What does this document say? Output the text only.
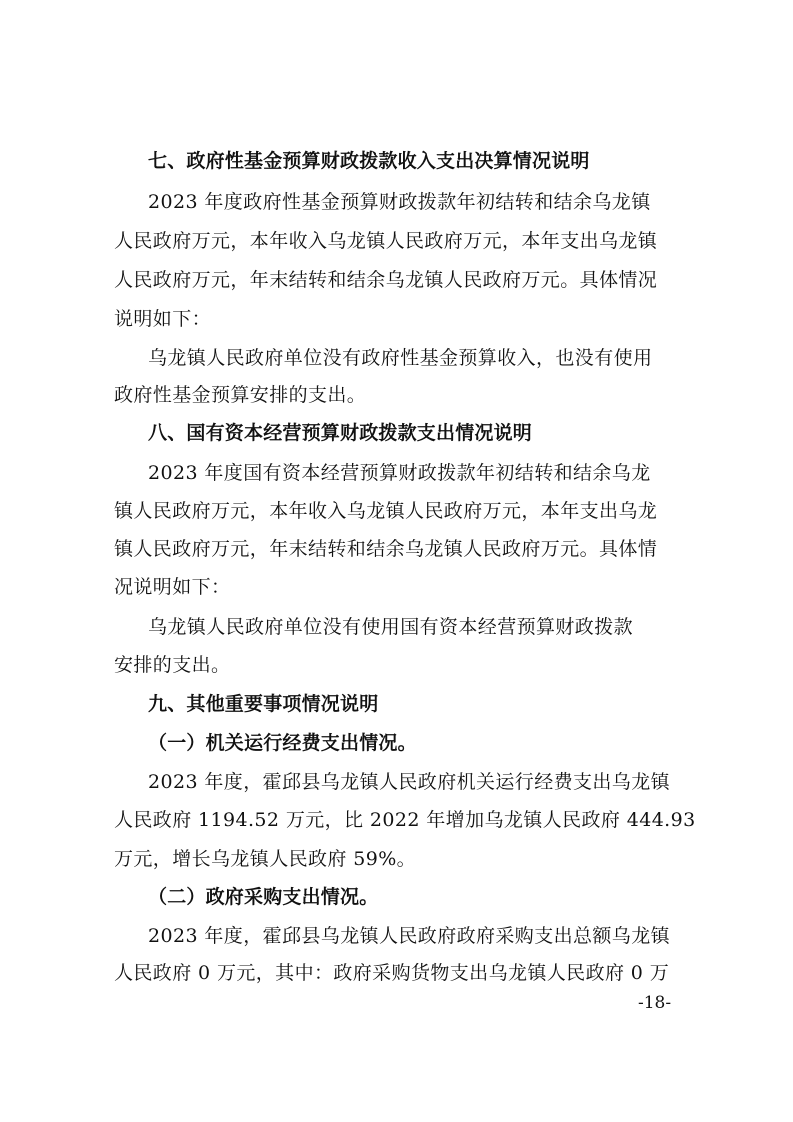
七、政府性基金预算财政拨款收入支出决算情况说明
2023 年度政府性基金预算财政拨款年初结转和结余乌龙镇
人民政府万元，本年收入乌龙镇人民政府万元，本年支出乌龙镇
人民政府万元，年末结转和结余乌龙镇人民政府万元。具体情况
说明如下：
乌龙镇人民政府单位没有政府性基金预算收入，也没有使用
政府性基金预算安排的支出。
八、国有资本经营预算财政拨款支出情况说明
2023 年度国有资本经营预算财政拨款年初结转和结余乌龙
镇人民政府万元，本年收入乌龙镇人民政府万元，本年支出乌龙
镇人民政府万元，年末结转和结余乌龙镇人民政府万元。具体情
况说明如下：
乌龙镇人民政府单位没有使用国有资本经营预算财政拨款
安排的支出。
九、其他重要事项情况说明
（一）机关运行经费支出情况。
2023 年度，霍邱县乌龙镇人民政府机关运行经费支出乌龙镇
人民政府 1194.52 万元，比 2022 年增加乌龙镇人民政府 444.93
万元，增长乌龙镇人民政府 59%。
（二）政府采购支出情况。
2023 年度，霍邱县乌龙镇人民政府政府采购支出总额乌龙镇
人民政府 0 万元，其中：政府采购货物支出乌龙镇人民政府 0 万
-18-
